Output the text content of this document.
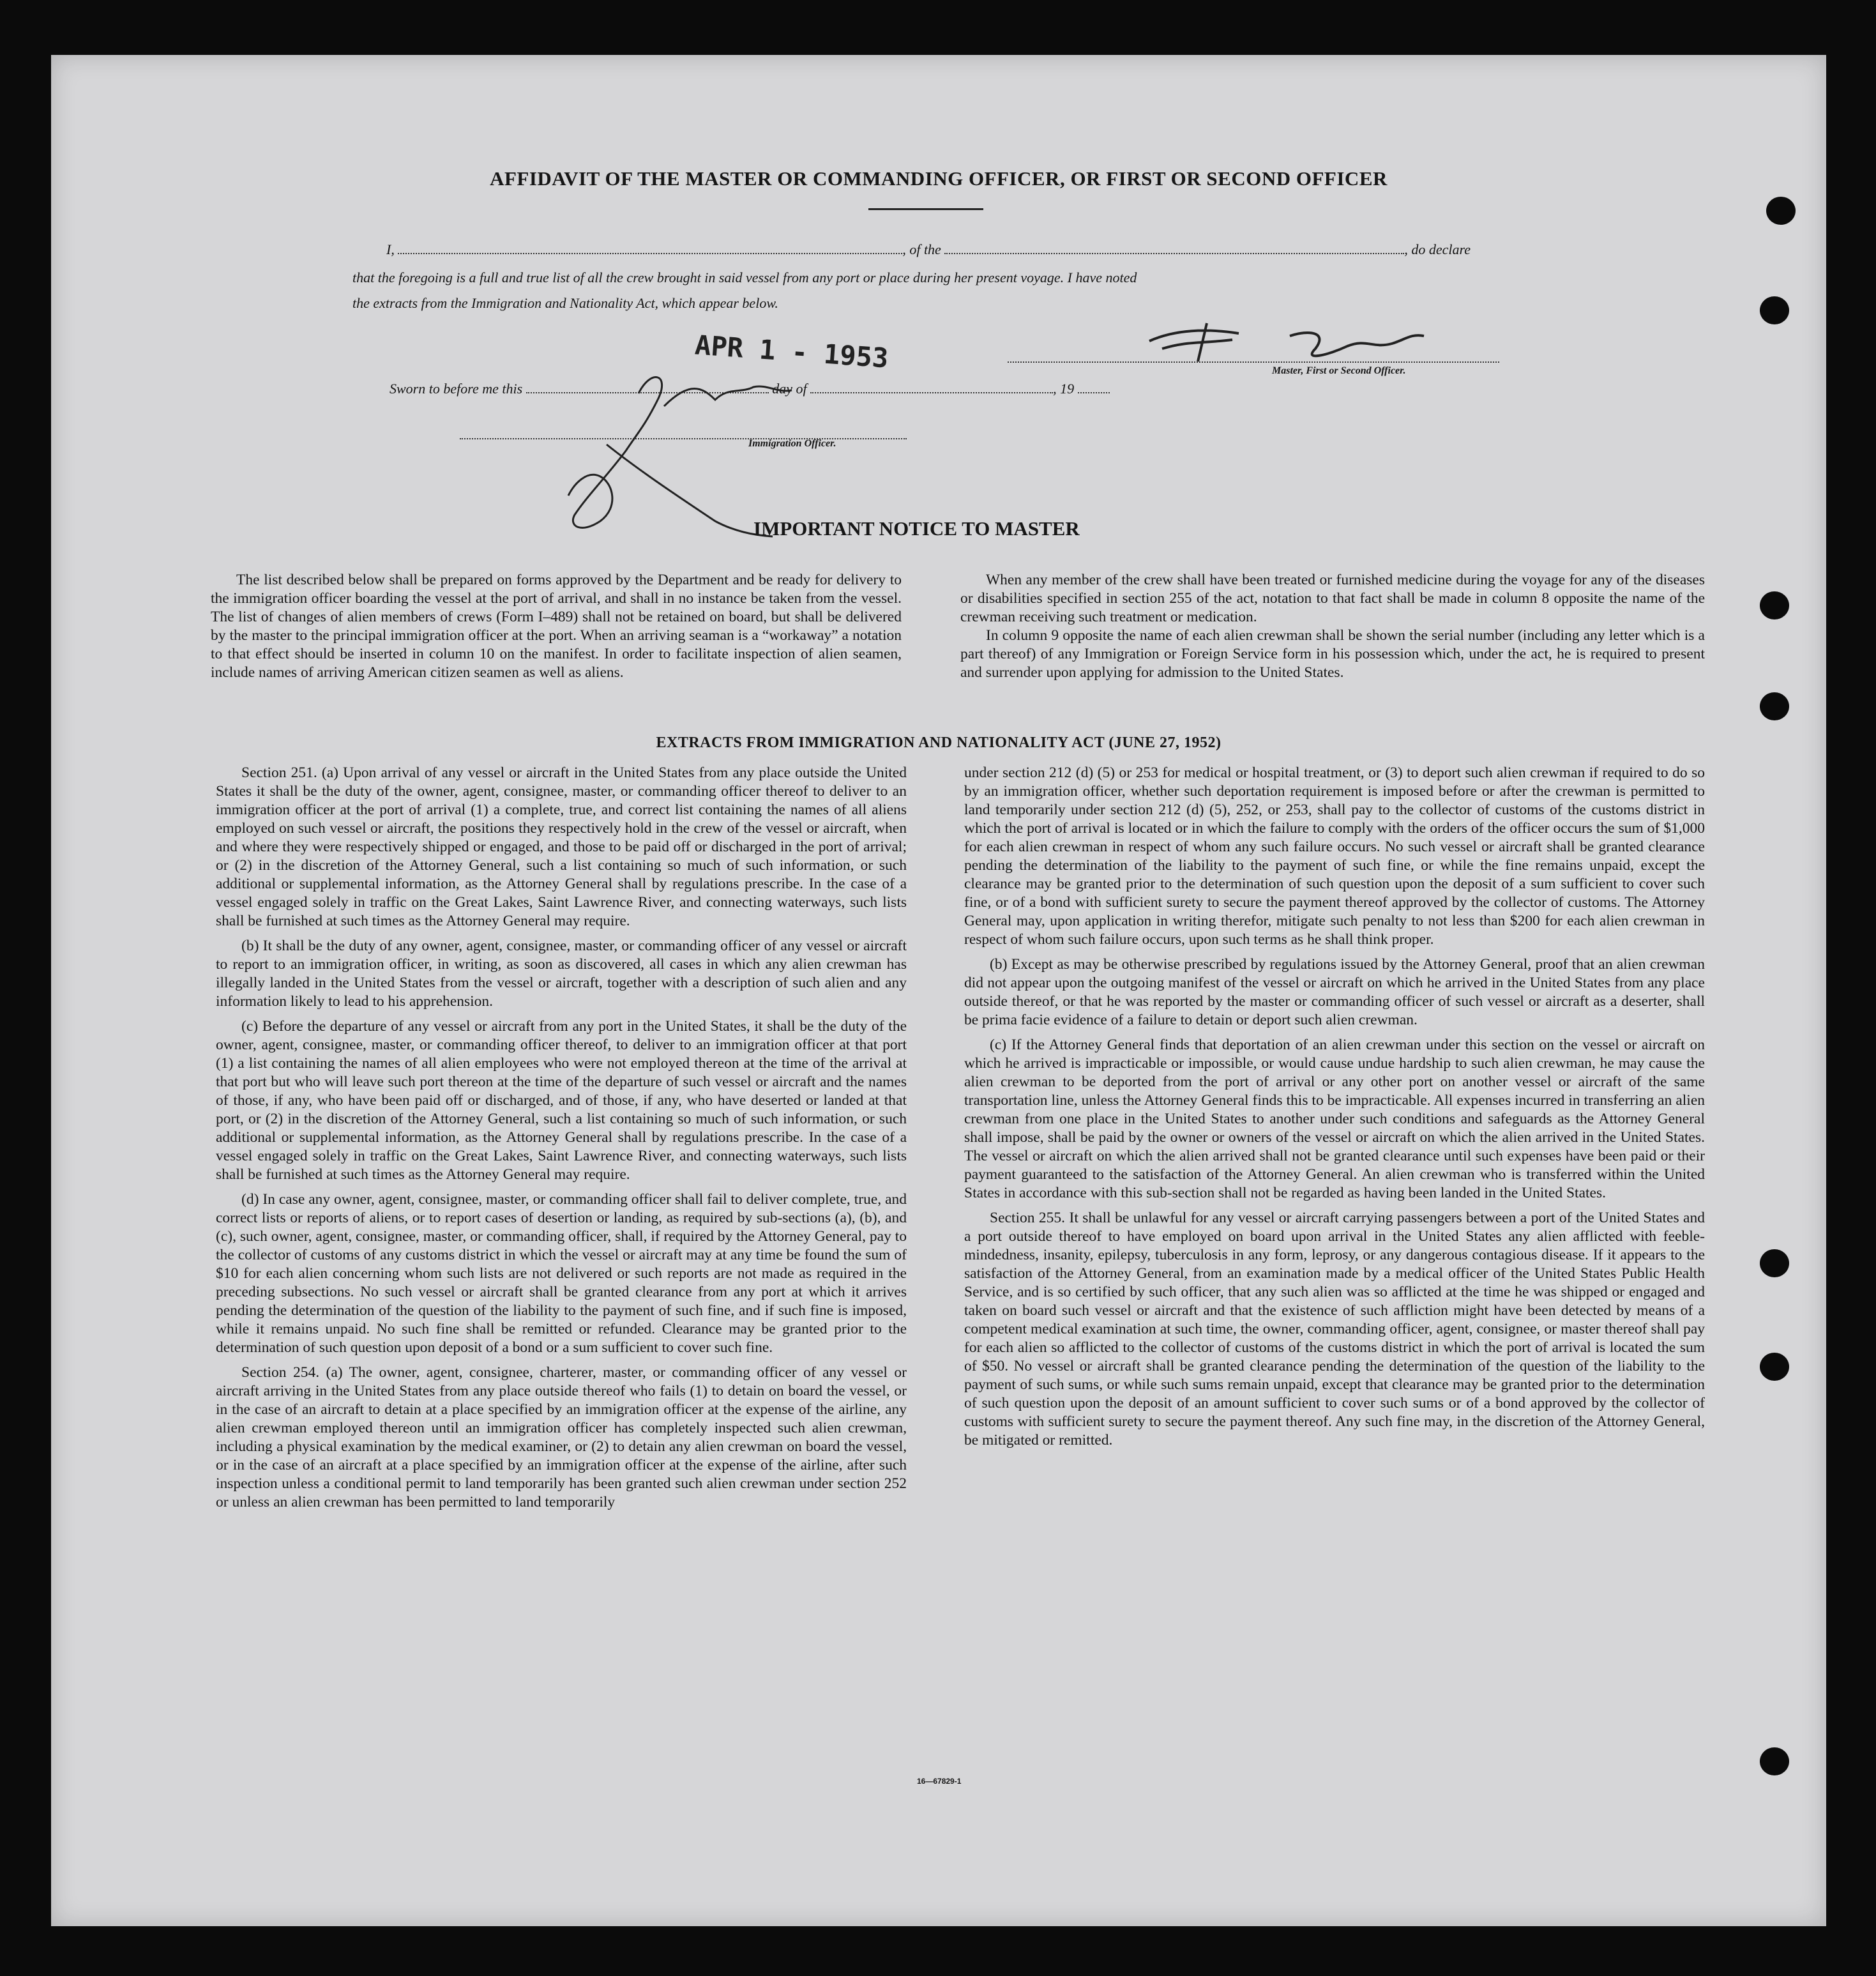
AFFIDAVIT OF THE MASTER OR COMMANDING OFFICER, OR FIRST OR SECOND OFFICER
I,	, of the	, do declare
that the foregoing is a full and true list of all the crew brought in said vessel from any port or place during her present voyage. I have noted
the extracts from the Immigration and Nationality Act, which appear below.
APR 1 - 1953	Master, First or Second Officer.
Sworn to before me this	day of	, 19
Immigration Officer.
IMPORTANT NOTICE TO MASTER

The list described below shall be prepared on forms approved by the Department and be ready for delivery to the immigration officer boarding the vessel at the port of arrival, and shall in no instance be taken from the vessel. The list of changes of alien members of crews (Form I–489) shall not be retained on board, but shall be delivered by the master to the principal immigration officer at the port. When an arriving seaman is a “workaway” a notation to that effect should be inserted in column 10 on the manifest. In order to facilitate inspection of alien seamen, include names of arriving American citizen seamen as well as aliens.

When any member of the crew shall have been treated or furnished medicine during the voyage for any of the diseases or disabilities specified in section 255 of the act, notation to that fact shall be made in column 8 opposite the name of the crewman receiving such treatment or medication.

In column 9 opposite the name of each alien crewman shall be shown the serial number (including any letter which is a part thereof) of any Immigration or Foreign Service form in his possession which, under the act, he is required to present and surrender upon applying for admission to the United States.

EXTRACTS FROM IMMIGRATION AND NATIONALITY ACT (JUNE 27, 1952)

Section 251. (a) Upon arrival of any vessel or aircraft in the United States from any place outside the United States it shall be the duty of the owner, agent, consignee, master, or commanding officer thereof to deliver to an immigration officer at the port of arrival (1) a complete, true, and correct list containing the names of all aliens employed on such vessel or aircraft, the positions they respectively hold in the crew of the vessel or aircraft, when and where they were respectively shipped or engaged, and those to be paid off or discharged in the port of arrival; or (2) in the discretion of the Attorney General, such a list containing so much of such information, or such additional or supplemental information, as the Attorney General shall by regulations prescribe. In the case of a vessel engaged solely in traffic on the Great Lakes, Saint Lawrence River, and connecting waterways, such lists shall be furnished at such times as the Attorney General may require.

(b) It shall be the duty of any owner, agent, consignee, master, or commanding officer of any vessel or aircraft to report to an immigration officer, in writing, as soon as discovered, all cases in which any alien crewman has illegally landed in the United States from the vessel or aircraft, together with a description of such alien and any information likely to lead to his apprehension.

(c) Before the departure of any vessel or aircraft from any port in the United States, it shall be the duty of the owner, agent, consignee, master, or commanding officer thereof, to deliver to an immigration officer at that port (1) a list containing the names of all alien employees who were not employed thereon at the time of the arrival at that port but who will leave such port thereon at the time of the departure of such vessel or aircraft and the names of those, if any, who have been paid off or discharged, and of those, if any, who have deserted or landed at that port, or (2) in the discretion of the Attorney General, such a list containing so much of such information, or such additional or supplemental information, as the Attorney General shall by regulations prescribe. In the case of a vessel engaged solely in traffic on the Great Lakes, Saint Lawrence River, and connecting waterways, such lists shall be furnished at such times as the Attorney General may require.

(d) In case any owner, agent, consignee, master, or commanding officer shall fail to deliver complete, true, and correct lists or reports of aliens, or to report cases of desertion or landing, as required by sub-sections (a), (b), and (c), such owner, agent, consignee, master, or commanding officer, shall, if required by the Attorney General, pay to the collector of customs of any customs district in which the vessel or aircraft may at any time be found the sum of $10 for each alien concerning whom such lists are not delivered or such reports are not made as required in the preceding subsections. No such vessel or aircraft shall be granted clearance from any port at which it arrives pending the determination of the question of the liability to the payment of such fine, and if such fine is imposed, while it remains unpaid. No such fine shall be remitted or refunded. Clearance may be granted prior to the determination of such question upon deposit of a bond or a sum sufficient to cover such fine.

Section 254. (a) The owner, agent, consignee, charterer, master, or commanding officer of any vessel or aircraft arriving in the United States from any place outside thereof who fails (1) to detain on board the vessel, or in the case of an aircraft to detain at a place specified by an immigration officer at the expense of the airline, any alien crewman employed thereon until an immigration officer has completely inspected such alien crewman, including a physical examination by the medical examiner, or (2) to detain any alien crewman on board the vessel, or in the case of an aircraft at a place specified by an immigration officer at the expense of the airline, after such inspection unless a conditional permit to land temporarily has been granted such alien crewman under section 252 or unless an alien crewman has been permitted to land temporarily

under section 212 (d) (5) or 253 for medical or hospital treatment, or (3) to deport such alien crewman if required to do so by an immigration officer, whether such deportation requirement is imposed before or after the crewman is permitted to land temporarily under section 212 (d) (5), 252, or 253, shall pay to the collector of customs of the customs district in which the port of arrival is located or in which the failure to comply with the orders of the officer occurs the sum of $1,000 for each alien crewman in respect of whom any such failure occurs. No such vessel or aircraft shall be granted clearance pending the determination of the liability to the payment of such fine, or while the fine remains unpaid, except the clearance may be granted prior to the determination of such question upon the deposit of a sum sufficient to cover such fine, or of a bond with sufficient surety to secure the payment thereof approved by the collector of customs. The Attorney General may, upon application in writing therefor, mitigate such penalty to not less than $200 for each alien crewman in respect of whom such failure occurs, upon such terms as he shall think proper.

(b) Except as may be otherwise prescribed by regulations issued by the Attorney General, proof that an alien crewman did not appear upon the outgoing manifest of the vessel or aircraft on which he arrived in the United States from any place outside thereof, or that he was reported by the master or commanding officer of such vessel or aircraft as a deserter, shall be prima facie evidence of a failure to detain or deport such alien crewman.

(c) If the Attorney General finds that deportation of an alien crewman under this section on the vessel or aircraft on which he arrived is impracticable or impossible, or would cause undue hardship to such alien crewman, he may cause the alien crewman to be deported from the port of arrival or any other port on another vessel or aircraft of the same transportation line, unless the Attorney General finds this to be impracticable. All expenses incurred in transferring an alien crewman from one place in the United States to another under such conditions and safeguards as the Attorney General shall impose, shall be paid by the owner or owners of the vessel or aircraft on which the alien arrived in the United States. The vessel or aircraft on which the alien arrived shall not be granted clearance until such expenses have been paid or their payment guaranteed to the satisfaction of the Attorney General. An alien crewman who is transferred within the United States in accordance with this sub-section shall not be regarded as having been landed in the United States.

Section 255. It shall be unlawful for any vessel or aircraft carrying passengers between a port of the United States and a port outside thereof to have employed on board upon arrival in the United States any alien afflicted with feeble-mindedness, insanity, epilepsy, tuberculosis in any form, leprosy, or any dangerous contagious disease. If it appears to the satisfaction of the Attorney General, from an examination made by a medical officer of the United States Public Health Service, and is so certified by such officer, that any such alien was so afflicted at the time he was shipped or engaged and taken on board such vessel or aircraft and that the existence of such affliction might have been detected by means of a competent medical examination at such time, the owner, commanding officer, agent, consignee, or master thereof shall pay for each alien so afflicted to the collector of customs of the customs district in which the port of arrival is located the sum of $50. No vessel or aircraft shall be granted clearance pending the determination of the question of the liability to the payment of such sums, or while such sums remain unpaid, except that clearance may be granted prior to the determination of such question upon the deposit of an amount sufficient to cover such sums or of a bond approved by the collector of customs with sufficient surety to secure the payment thereof. Any such fine may, in the discretion of the Attorney General, be mitigated or remitted.

16—67829-1
